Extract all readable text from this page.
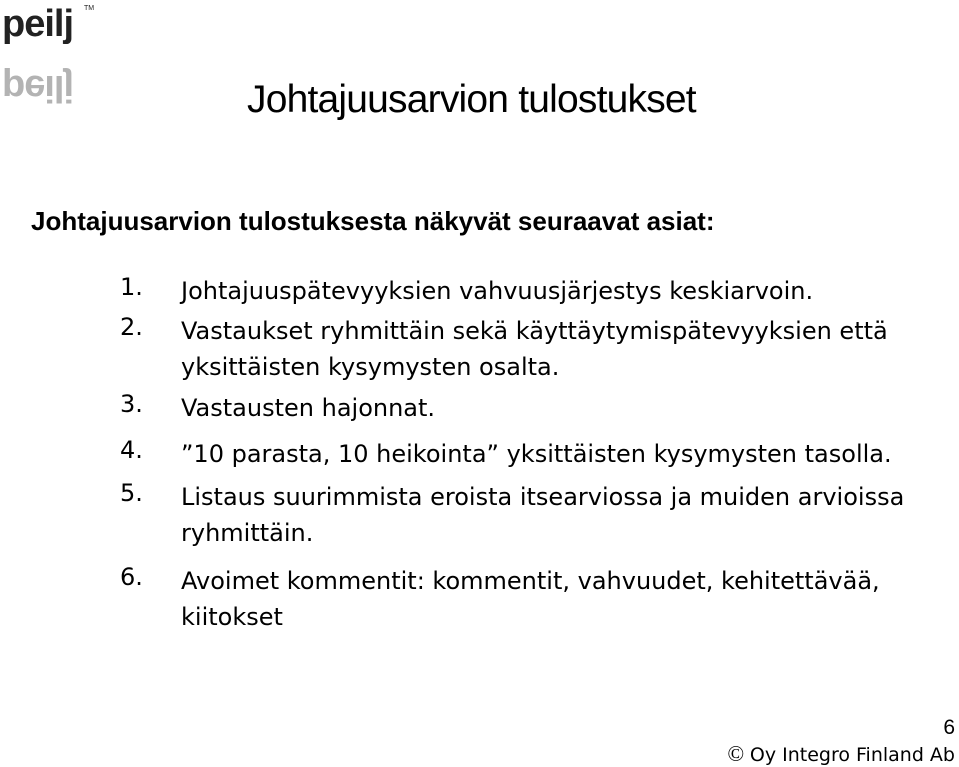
peilj TM
peilj	Johtajuusarvion tulostukset
Johtajuusarvion tulostuksesta näkyvät seuraavat asiat:
1. Johtajuuspätevyyksien vahvuusjärjestys keskiarvoin.
2. Vastaukset ryhmittäin sekä käyttäytymispätevyyksien että
yksittäisten kysymysten osalta.
3. Vastausten hajonnat.
4. ”10 parasta, 10 heikointa” yksittäisten kysymysten tasolla.
5. Listaus suurimmista eroista itsearviossa ja muiden arvioissa
ryhmittäin.
6. Avoimet kommentit: kommentit, vahvuudet, kehitettävää,
kiitokset
6
© Oy Integro Finland Ab
